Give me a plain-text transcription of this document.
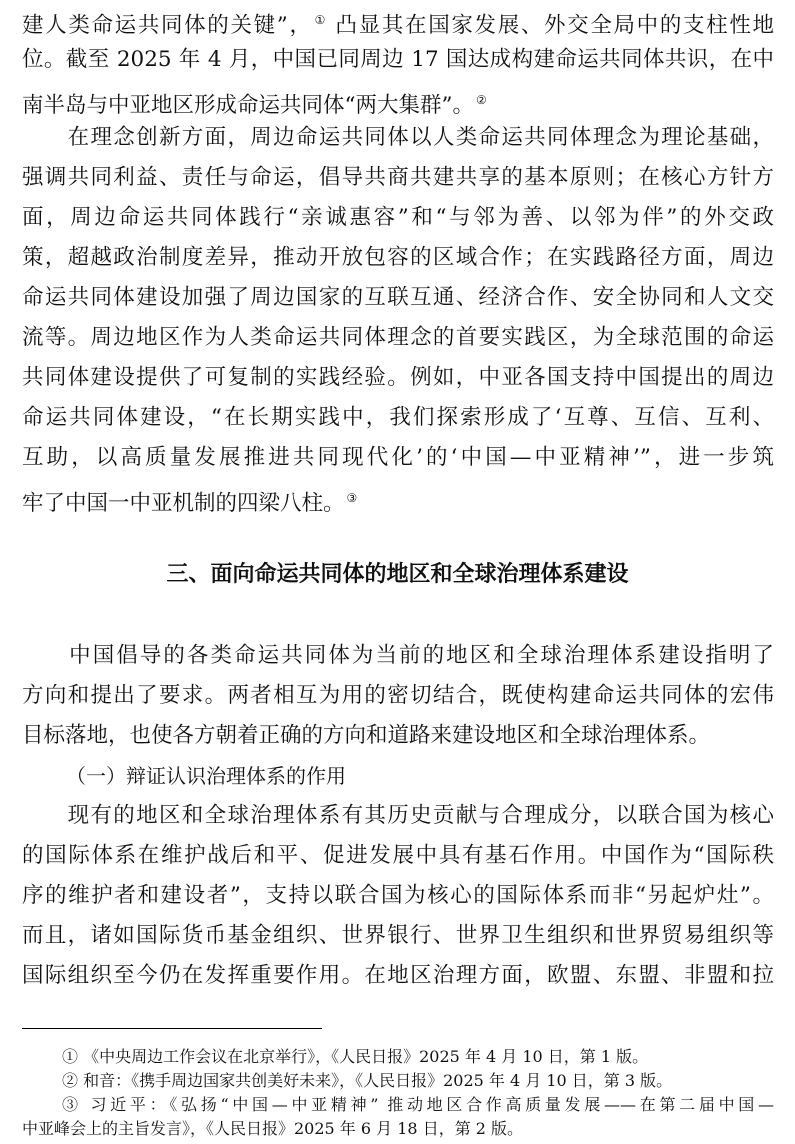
建人类命运共同体的关键”， ① 凸显其在国家发展、外交全局中的支柱性地
位。截至 2025 年 4 月，中国已同周边 17 国达成构建命运共同体共识，在中
南半岛与中亚地区形成命运共同体“两大集群”。 ②
　　在理念创新方面，周边命运共同体以人类命运共同体理念为理论基础，
强调共同利益、责任与命运，倡导共商共建共享的基本原则；在核心方针方
面，周边命运共同体践行“亲诚惠容”和“与邻为善、以邻为伴”的外交政
策，超越政治制度差异，推动开放包容的区域合作；在实践路径方面，周边
命运共同体建设加强了周边国家的互联互通、经济合作、安全协同和人文交
流等。周边地区作为人类命运共同体理念的首要实践区，为全球范围的命运
共同体建设提供了可复制的实践经验。例如，中亚各国支持中国提出的周边
命运共同体建设，“在长期实践中，我们探索形成了‘互尊、互信、互利、
互助，以高质量发展推进共同现代化’的‘中国—中亚精神’”，进一步筑
牢了中国一中亚机制的四梁八柱。 ③
三、面向命运共同体的地区和全球治理体系建设
　　中国倡导的各类命运共同体为当前的地区和全球治理体系建设指明了
方向和提出了要求。两者相互为用的密切结合，既使构建命运共同体的宏伟
目标落地，也使各方朝着正确的方向和道路来建设地区和全球治理体系。
（一）辩证认识治理体系的作用
　　现有的地区和全球治理体系有其历史贡献与合理成分，以联合国为核心
的国际体系在维护战后和平、促进发展中具有基石作用。中国作为“国际秩
序的维护者和建设者”，支持以联合国为核心的国际体系而非“另起炉灶”。
而且，诸如国际货币基金组织、世界银行、世界卫生组织和世界贸易组织等
国际组织至今仍在发挥重要作用。在地区治理方面，欧盟、东盟、非盟和拉
① 《中央周边工作会议在北京举行》，《人民日报》2025 年 4 月 10 日，第 1 版。
② 和音：《携手周边国家共创美好未来》，《人民日报》2025 年 4 月 10 日，第 3 版。
③ 习近平：《弘扬“中国—中亚精神” 推动地区合作高质量发展——在第二届中国—
中亚峰会上的主旨发言》，《人民日报》2025 年 6 月 18 日，第 2 版。
